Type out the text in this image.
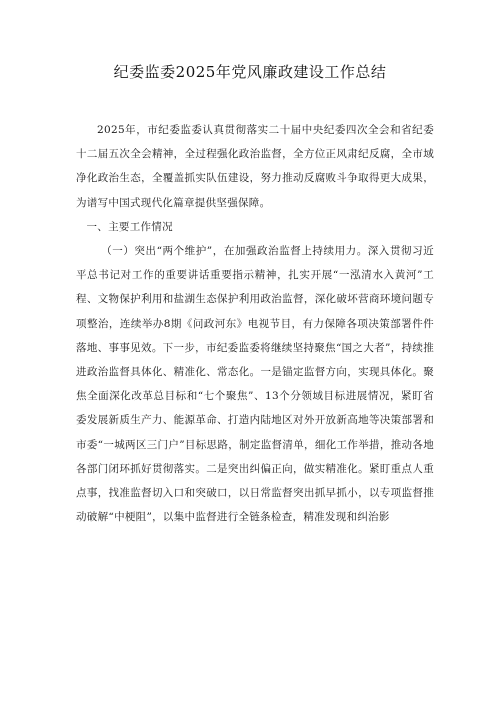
纪委监委2025年党风廉政建设工作总结

2025年，市纪委监委认真贯彻落实二十届中央纪委四次全会和省纪委十二届五次全会精神，全过程强化政治监督，全方位正风肃纪反腐，全市域净化政治生态，全覆盖抓实队伍建设，努力推动反腐败斗争取得更大成果，为谱写中国式现代化篇章提供坚强保障。

一、主要工作情况

（一）突出“两个维护”，在加强政治监督上持续用力。深入贯彻习近平总书记对工作的重要讲话重要指示精神，扎实开展“一泓清水入黄河”工程、文物保护利用和盐湖生态保护利用政治监督，深化破坏营商环境问题专项整治，连续举办8期《问政河东》电视节目，有力保障各项决策部署件件落地、事事见效。下一步，市纪委监委将继续坚持聚焦“国之大者”，持续推进政治监督具体化、精准化、常态化。一是锚定监督方向，实现具体化。聚焦全面深化改革总目标和“七个聚焦”、13个分领域目标进展情况，紧盯省委发展新质生产力、能源革命、打造内陆地区对外开放新高地等决策部署和市委“一城两区三门户”目标思路，制定监督清单，细化工作举措，推动各地各部门闭环抓好贯彻落实。二是突出纠偏正向，做实精准化。紧盯重点人重点事，找准监督切入口和突破口，以日常监督突出抓早抓小，以专项监督推动破解“中梗阻”，以集中监督进行全链条检查，精准发现和纠治影
